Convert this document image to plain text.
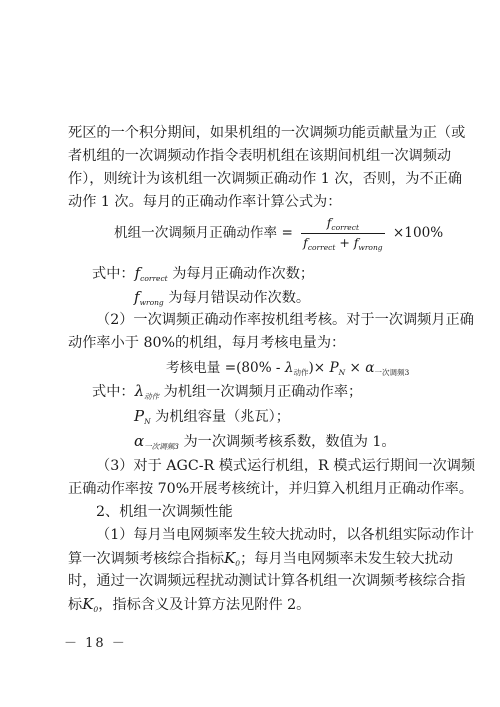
死区的一个积分期间，如果机组的一次调频功能贡献量为正（或
者机组的一次调频动作指令表明机组在该期间机组一次调频动
作），则统计为该机组一次调频正确动作 1 次，否则，为不正确
动作 1 次。每月的正确动作率计算公式为：
机组一次调频月正确动作率 = $\frac{f_{correct}}{f_{correct} + f_{wrong}} \times 100\%$
式中：$f_{correct}$ 为每月正确动作次数；
$f_{wrong}$ 为每月错误动作次数。
（2）一次调频正确动作率按机组考核。对于一次调频月正确
动作率小于 80%的机组，每月考核电量为：
考核电量 $=(80\% - \lambda_{动作})\times P_N \times \alpha_{一次调频3}$
式中：$\lambda_{动作}$ 为机组一次调频月正确动作率；
$P_N$ 为机组容量（兆瓦）；
$\alpha_{一次调频3}$ 为一次调频考核系数，数值为 1。
（3）对于 AGC-R 模式运行机组，R 模式运行期间一次调频
正确动作率按 70%开展考核统计，并归算入机组月正确动作率。
2、机组一次调频性能
（1）每月当电网频率发生较大扰动时，以各机组实际动作计
算一次调频考核综合指标$K_0$；每月当电网频率未发生较大扰动
时，通过一次调频远程扰动测试计算各机组一次调频考核综合指
标$K_0$，指标含义及计算方法见附件 2。
－ 18 －
